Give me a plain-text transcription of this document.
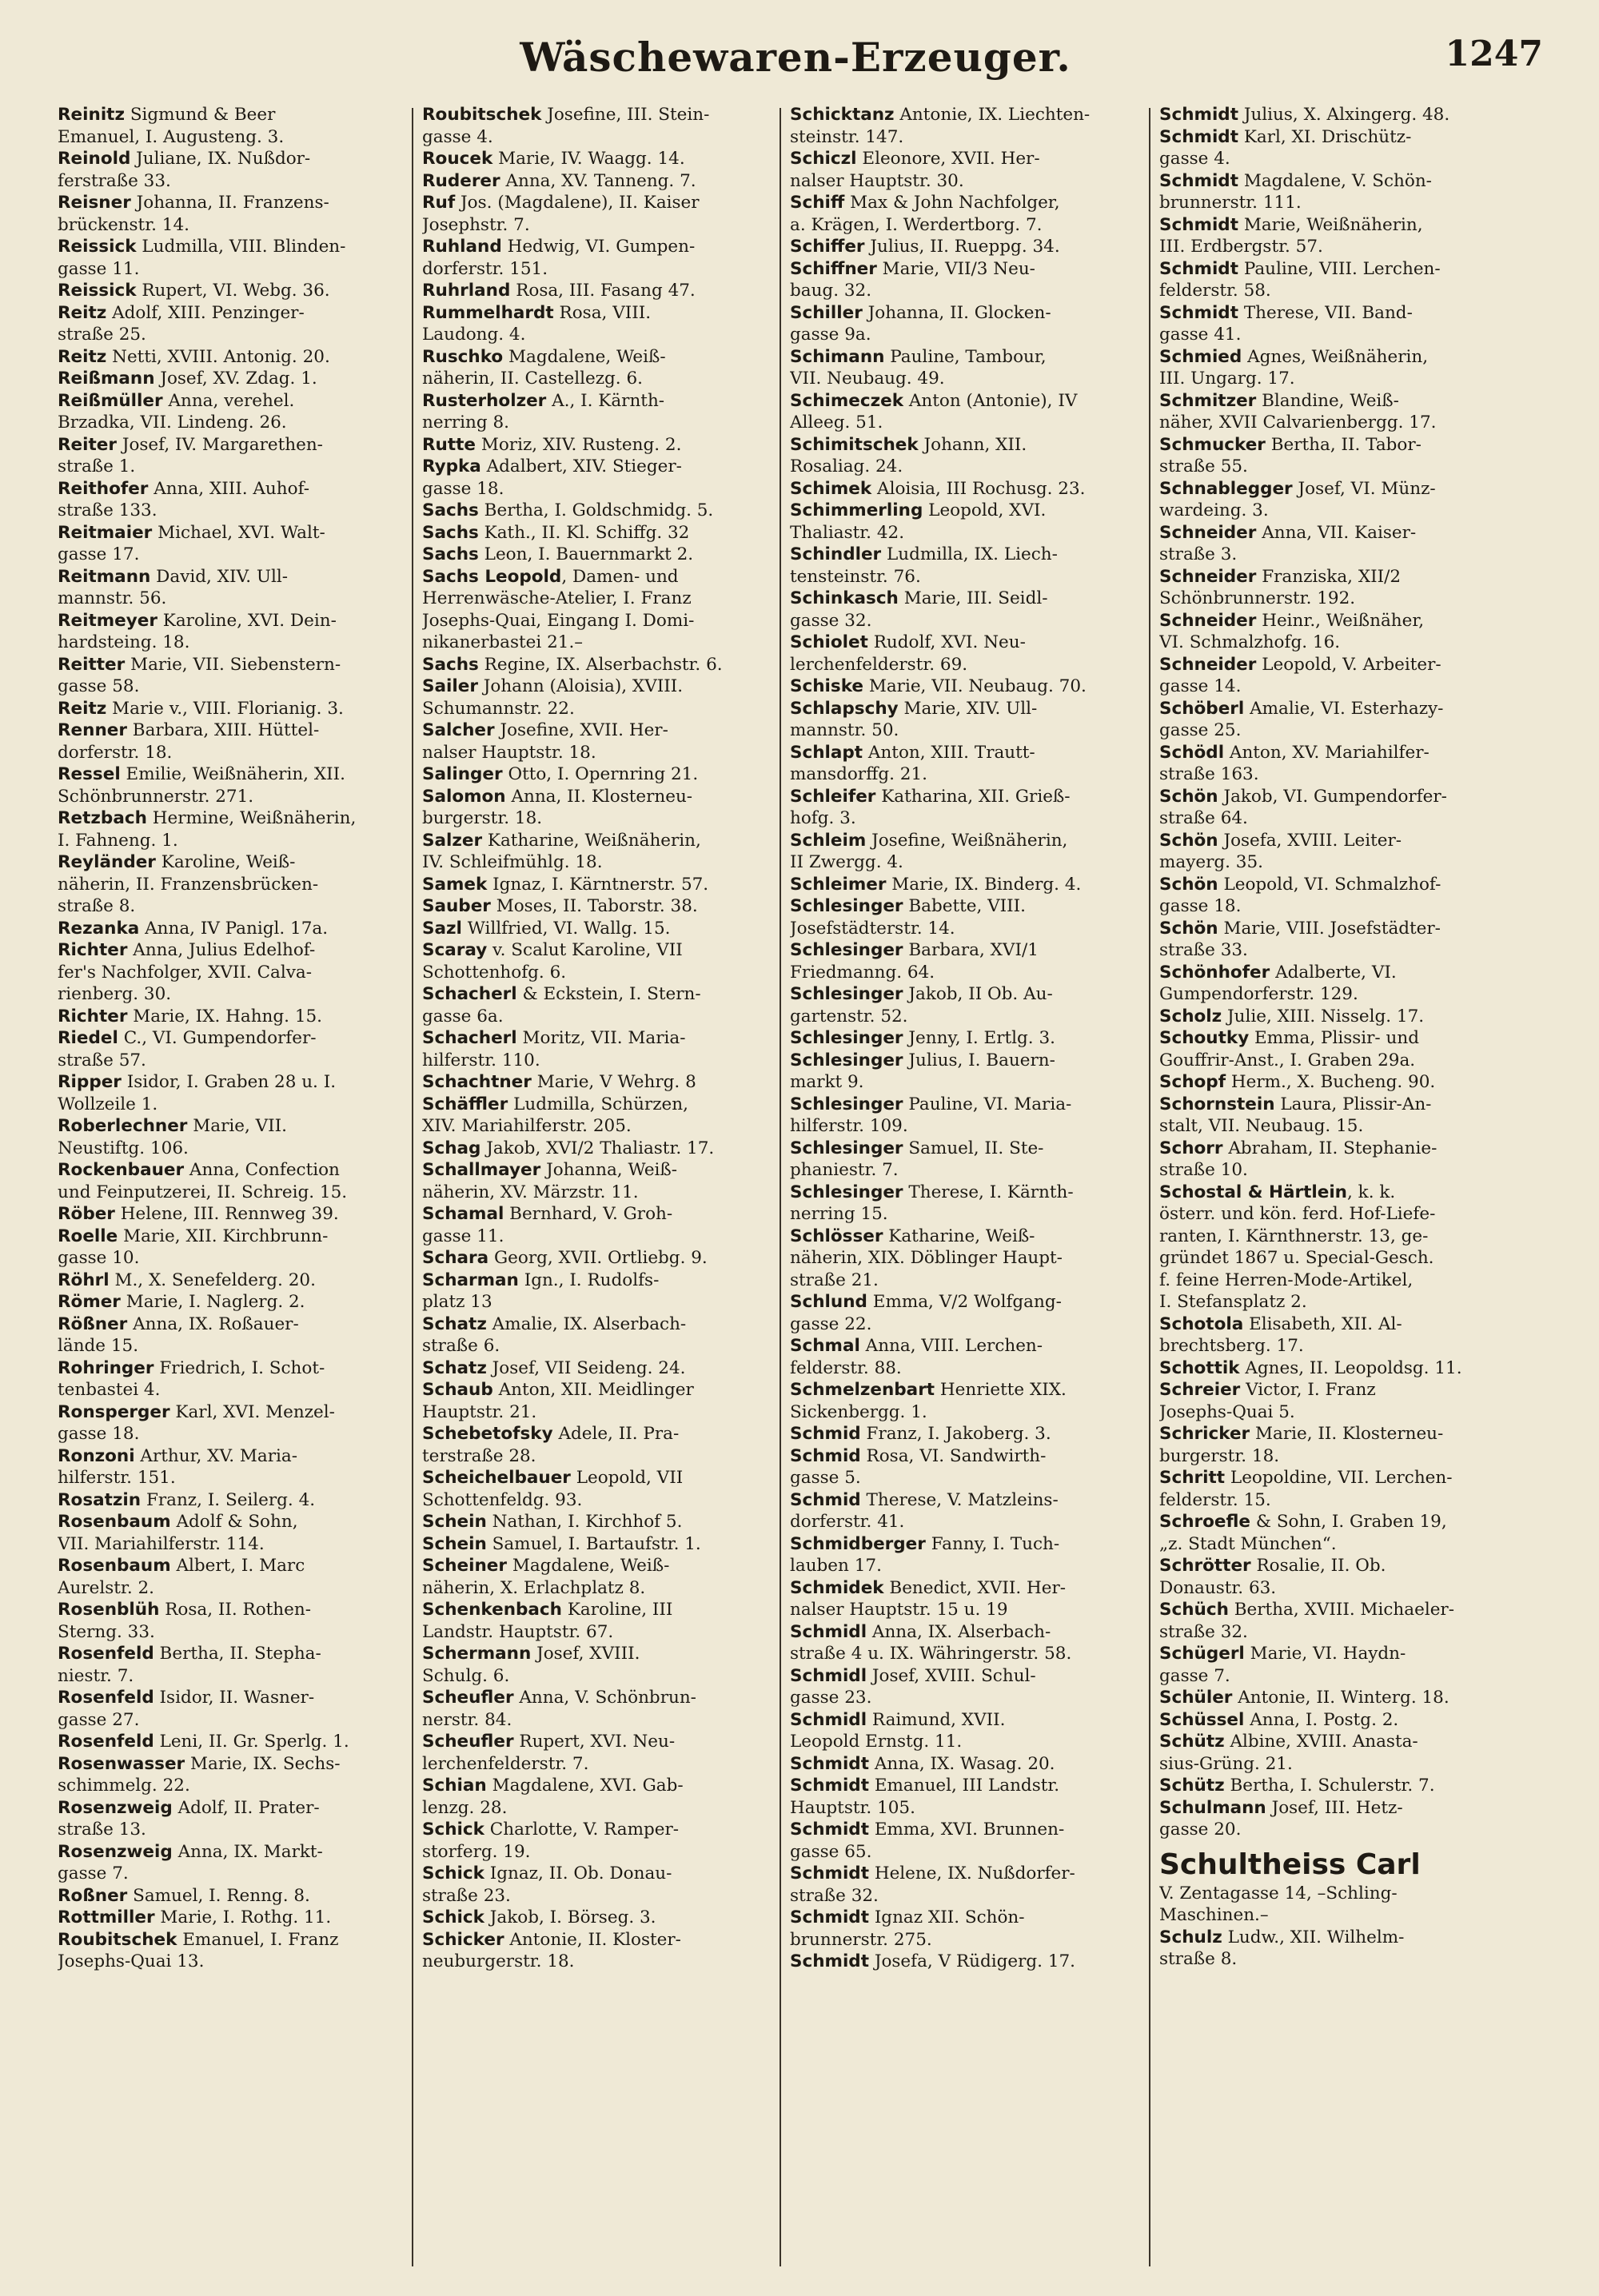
Wäschewaren-Erzeuger.	1247
Reinitz Sigmund & Beer
Emanuel, I. Augusteng. 3.
Reinold Juliane, IX. Nußdor-
ferstraße 33.
Reisner Johanna, II. Franzens-
brückenstr. 14.
Reissick Ludmilla, VIII. Blinden-
gasse 11.
Reissick Rupert, VI. Webg. 36.
Reitz Adolf, XIII. Penzinger-
straße 25.
Reitz Netti, XVIII. Antonig. 20.
Reißmann Josef, XV. Zdag. 1.
Reißmüller Anna, verehel.
Brzadka, VII. Lindeng. 26.
Reiter Josef, IV. Margarethen-
straße 1.
Reithofer Anna, XIII. Auhof-
straße 133.
Reitmaier Michael, XVI. Walt-
gasse 17.
Reitmann David, XIV. Ull-
mannstr. 56.
Reitmeyer Karoline, XVI. Dein-
hardsteing. 18.
Reitter Marie, VII. Siebenstern-
gasse 58.
Reitz Marie v., VIII. Florianig. 3.
Renner Barbara, XIII. Hüttel-
dorferstr. 18.
Ressel Emilie, Weißnäherin, XII.
Schönbrunnerstr. 271.
Retzbach Hermine, Weißnäherin,
I. Fahneng. 1.
Reyländer Karoline, Weiß-
näherin, II. Franzensbrücken-
straße 8.
Rezanka Anna, IV Panigl. 17a.
Richter Anna, Julius Edelhof-
fer's Nachfolger, XVII. Calva-
rienberg. 30.
Richter Marie, IX. Hahng. 15.
Riedel C., VI. Gumpendorfer-
straße 57.
Ripper Isidor, I. Graben 28 u. I.
Wollzeile 1.
Roberlechner Marie, VII.
Neustiftg. 106.
Rockenbauer Anna, Confection
und Feinputzerei, II. Schreig. 15.
Röber Helene, III. Rennweg 39.
Roelle Marie, XII. Kirchbrunn-
gasse 10.
Röhrl M., X. Senefelderg. 20.
Römer Marie, I. Naglerg. 2.
Rößner Anna, IX. Roßauer-
lände 15.
Rohringer Friedrich, I. Schot-
tenbastei 4.
Ronsperger Karl, XVI. Menzel-
gasse 18.
Ronzoni Arthur, XV. Maria-
hilferstr. 151.
Rosatzin Franz, I. Seilerg. 4.
Rosenbaum Adolf & Sohn,
VII. Mariahilferstr. 114.
Rosenbaum Albert, I. Marc
Aurelstr. 2.
Rosenblüh Rosa, II. Rothen-
Sterng. 33.
Rosenfeld Bertha, II. Stepha-
niestr. 7.
Rosenfeld Isidor, II. Wasner-
gasse 27.
Rosenfeld Leni, II. Gr. Sperlg. 1.
Rosenwasser Marie, IX. Sechs-
schimmelg. 22.
Rosenzweig Adolf, II. Prater-
straße 13.
Rosenzweig Anna, IX. Markt-
gasse 7.
Roßner Samuel, I. Renng. 8.
Rottmiller Marie, I. Rothg. 11.
Roubitschek Emanuel, I. Franz
Josephs-Quai 13.
Roubitschek Josefine, III. Stein-
gasse 4.
Roucek Marie, IV. Waagg. 14.
Ruderer Anna, XV. Tanneng. 7.
Ruf Jos. (Magdalene), II. Kaiser
Josephstr. 7.
Ruhland Hedwig, VI. Gumpen-
dorferstr. 151.
Ruhrland Rosa, III. Fasang 47.
Rummelhardt Rosa, VIII.
Laudong. 4.
Ruschko Magdalene, Weiß-
näherin, II. Castellezg. 6.
Rusterholzer A., I. Kärnth-
nerring 8.
Rutte Moriz, XIV. Rusteng. 2.
Rypka Adalbert, XIV. Stieger-
gasse 18.
Sachs Bertha, I. Goldschmidg. 5.
Sachs Kath., II. Kl. Schiffg. 32
Sachs Leon, I. Bauernmarkt 2.
Sachs Leopold, Damen- und
Herrenwäsche-Atelier, I. Franz
Josephs-Quai, Eingang I. Domi-
nikanerbastei 21.–
Sachs Regine, IX. Alserbachstr. 6.
Sailer Johann (Aloisia), XVIII.
Schumannstr. 22.
Salcher Josefine, XVII. Her-
nalser Hauptstr. 18.
Salinger Otto, I. Opernring 21.
Salomon Anna, II. Klosterneu-
burgerstr. 18.
Salzer Katharine, Weißnäherin,
IV. Schleifmühlg. 18.
Samek Ignaz, I. Kärntnerstr. 57.
Sauber Moses, II. Taborstr. 38.
Sazl Willfried, VI. Wallg. 15.
Scaray v. Scalut Karoline, VII
Schottenhofg. 6.
Schacherl & Eckstein, I. Stern-
gasse 6a.
Schacherl Moritz, VII. Maria-
hilferstr. 110.
Schachtner Marie, V Wehrg. 8
Schäffler Ludmilla, Schürzen,
XIV. Mariahilferstr. 205.
Schag Jakob, XVI/2 Thaliastr. 17.
Schallmayer Johanna, Weiß-
näherin, XV. Märzstr. 11.
Schamal Bernhard, V. Groh-
gasse 11.
Schara Georg, XVII. Ortliebg. 9.
Scharman Ign., I. Rudolfs-
platz 13
Schatz Amalie, IX. Alserbach-
straße 6.
Schatz Josef, VII Seideng. 24.
Schaub Anton, XII. Meidlinger
Hauptstr. 21.
Schebetofsky Adele, II. Pra-
terstraße 28.
Scheichelbauer Leopold, VII
Schottenfeldg. 93.
Schein Nathan, I. Kirchhof 5.
Schein Samuel, I. Bartaufstr. 1.
Scheiner Magdalene, Weiß-
näherin, X. Erlachplatz 8.
Schenkenbach Karoline, III
Landstr. Hauptstr. 67.
Schermann Josef, XVIII.
Schulg. 6.
Scheufler Anna, V. Schönbrun-
nerstr. 84.
Scheufler Rupert, XVI. Neu-
lerchenfelderstr. 7.
Schian Magdalene, XVI. Gab-
lenzg. 28.
Schick Charlotte, V. Ramper-
storferg. 19.
Schick Ignaz, II. Ob. Donau-
straße 23.
Schick Jakob, I. Börseg. 3.
Schicker Antonie, II. Kloster-
neuburgerstr. 18.
Schicktanz Antonie, IX. Liechten-
steinstr. 147.
Schiczl Eleonore, XVII. Her-
nalser Hauptstr. 30.
Schiff Max & John Nachfolger,
a. Krägen, I. Werdertborg. 7.
Schiffer Julius, II. Rueppg. 34.
Schiffner Marie, VII/3 Neu-
baug. 32.
Schiller Johanna, II. Glocken-
gasse 9a.
Schimann Pauline, Tambour,
VII. Neubaug. 49.
Schimeczek Anton (Antonie), IV
Alleeg. 51.
Schimitschek Johann, XII.
Rosaliag. 24.
Schimek Aloisia, III Rochusg. 23.
Schimmerling Leopold, XVI.
Thaliastr. 42.
Schindler Ludmilla, IX. Liech-
tensteinstr. 76.
Schinkasch Marie, III. Seidl-
gasse 32.
Schiolet Rudolf, XVI. Neu-
lerchenfelderstr. 69.
Schiske Marie, VII. Neubaug. 70.
Schlapschy Marie, XIV. Ull-
mannstr. 50.
Schlapt Anton, XIII. Trautt-
mansdorffg. 21.
Schleifer Katharina, XII. Grieß-
hofg. 3.
Schleim Josefine, Weißnäherin,
II Zwergg. 4.
Schleimer Marie, IX. Binderg. 4.
Schlesinger Babette, VIII.
Josefstädterstr. 14.
Schlesinger Barbara, XVI/1
Friedmanng. 64.
Schlesinger Jakob, II Ob. Au-
gartenstr. 52.
Schlesinger Jenny, I. Ertlg. 3.
Schlesinger Julius, I. Bauern-
markt 9.
Schlesinger Pauline, VI. Maria-
hilferstr. 109.
Schlesinger Samuel, II. Ste-
phaniestr. 7.
Schlesinger Therese, I. Kärnth-
nerring 15.
Schlösser Katharine, Weiß-
näherin, XIX. Döblinger Haupt-
straße 21.
Schlund Emma, V/2 Wolfgang-
gasse 22.
Schmal Anna, VIII. Lerchen-
felderstr. 88.
Schmelzenbart Henriette XIX.
Sickenbergg. 1.
Schmid Franz, I. Jakoberg. 3.
Schmid Rosa, VI. Sandwirth-
gasse 5.
Schmid Therese, V. Matzleins-
dorferstr. 41.
Schmidberger Fanny, I. Tuch-
lauben 17.
Schmidek Benedict, XVII. Her-
nalser Hauptstr. 15 u. 19
Schmidl Anna, IX. Alserbach-
straße 4 u. IX. Währingerstr. 58.
Schmidl Josef, XVIII. Schul-
gasse 23.
Schmidl Raimund, XVII.
Leopold Ernstg. 11.
Schmidt Anna, IX. Wasag. 20.
Schmidt Emanuel, III Landstr.
Hauptstr. 105.
Schmidt Emma, XVI. Brunnen-
gasse 65.
Schmidt Helene, IX. Nußdorfer-
straße 32.
Schmidt Ignaz XII. Schön-
brunnerstr. 275.
Schmidt Josefa, V Rüdigerg. 17.
Schmidt Julius, X. Alxingerg. 48.
Schmidt Karl, XI. Drischütz-
gasse 4.
Schmidt Magdalene, V. Schön-
brunnerstr. 111.
Schmidt Marie, Weißnäherin,
III. Erdbergstr. 57.
Schmidt Pauline, VIII. Lerchen-
felderstr. 58.
Schmidt Therese, VII. Band-
gasse 41.
Schmied Agnes, Weißnäherin,
III. Ungarg. 17.
Schmitzer Blandine, Weiß-
näher, XVII Calvarienbergg. 17.
Schmucker Bertha, II. Tabor-
straße 55.
Schnablegger Josef, VI. Münz-
wardeing. 3.
Schneider Anna, VII. Kaiser-
straße 3.
Schneider Franziska, XII/2
Schönbrunnerstr. 192.
Schneider Heinr., Weißnäher,
VI. Schmalzhofg. 16.
Schneider Leopold, V. Arbeiter-
gasse 14.
Schöberl Amalie, VI. Esterhazy-
gasse 25.
Schödl Anton, XV. Mariahilfer-
straße 163.
Schön Jakob, VI. Gumpendorfer-
straße 64.
Schön Josefa, XVIII. Leiter-
mayerg. 35.
Schön Leopold, VI. Schmalzhof-
gasse 18.
Schön Marie, VIII. Josefstädter-
straße 33.
Schönhofer Adalberte, VI.
Gumpendorferstr. 129.
Scholz Julie, XIII. Nisselg. 17.
Schoutky Emma, Plissir- und
Gouffrir-Anst., I. Graben 29a.
Schopf Herm., X. Bucheng. 90.
Schornstein Laura, Plissir-An-
stalt, VII. Neubaug. 15.
Schorr Abraham, II. Stephanie-
straße 10.
Schostal & Härtlein, k. k.
österr. und kön. ferd. Hof-Liefe-
ranten, I. Kärnthnerstr. 13, ge-
gründet 1867 u. Special-Gesch.
f. feine Herren-Mode-Artikel,
I. Stefansplatz 2.
Schotola Elisabeth, XII. Al-
brechtsberg. 17.
Schottik Agnes, II. Leopoldsg. 11.
Schreier Victor, I. Franz
Josephs-Quai 5.
Schricker Marie, II. Klosterneu-
burgerstr. 18.
Schritt Leopoldine, VII. Lerchen-
felderstr. 15.
Schroefle & Sohn, I. Graben 19,
„z. Stadt München“.
Schrötter Rosalie, II. Ob.
Donaustr. 63.
Schüch Bertha, XVIII. Michaeler-
straße 32.
Schügerl Marie, VI. Haydn-
gasse 7.
Schüler Antonie, II. Winterg. 18.
Schüssel Anna, I. Postg. 2.
Schütz Albine, XVIII. Anasta-
sius-Grüng. 21.
Schütz Bertha, I. Schulerstr. 7.
Schulmann Josef, III. Hetz-
gasse 20.
Schultheiss Carl
V. Zentagasse 14, –Schling-
Maschinen.–
Schulz Ludw., XII. Wilhelm-
straße 8.
